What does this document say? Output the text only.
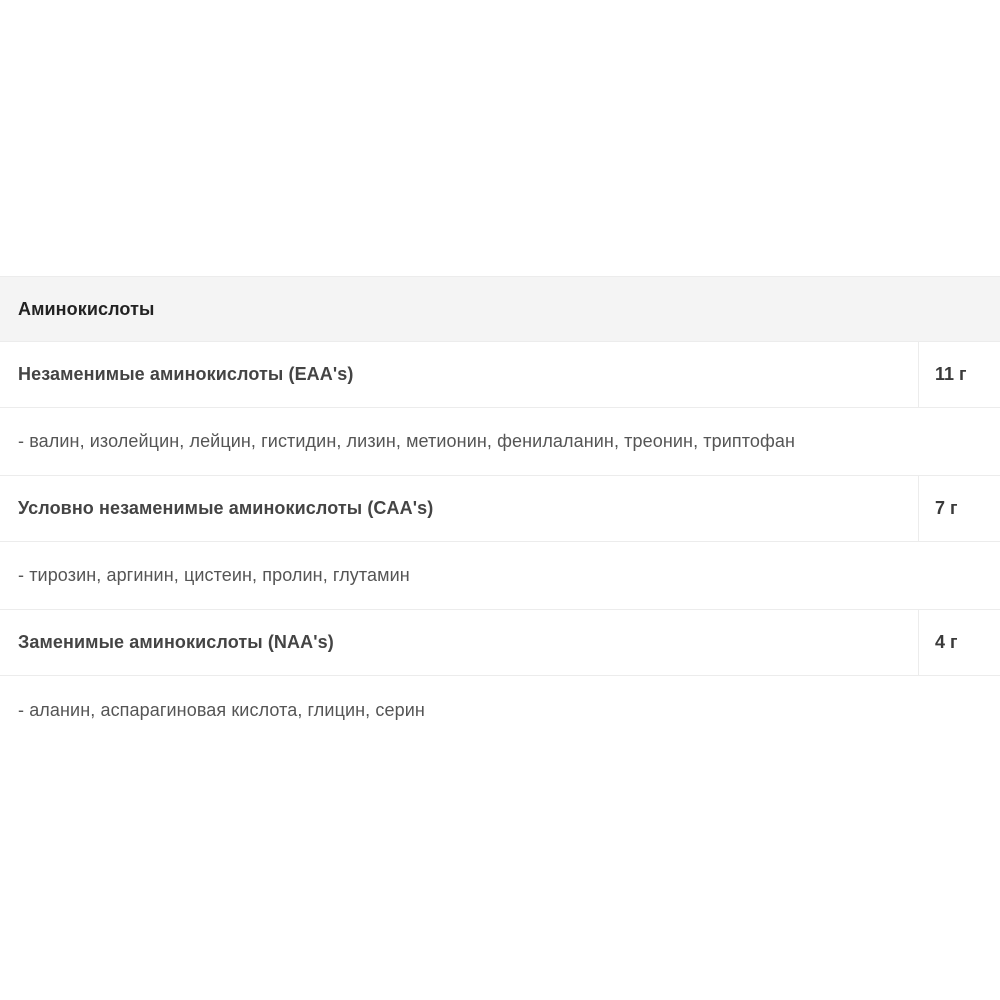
Аминокислоты
Незаменимые аминокислоты (EAA's)	11 г
- валин, изолейцин, лейцин, гистидин, лизин, метионин, фенилаланин, треонин, триптофан
Условно незаменимые аминокислоты (CAA's)	7 г
- тирозин, аргинин, цистеин, пролин, глутамин
Заменимые аминокислоты (NAA's)	4 г
- аланин, аспарагиновая кислота, глицин, серин
